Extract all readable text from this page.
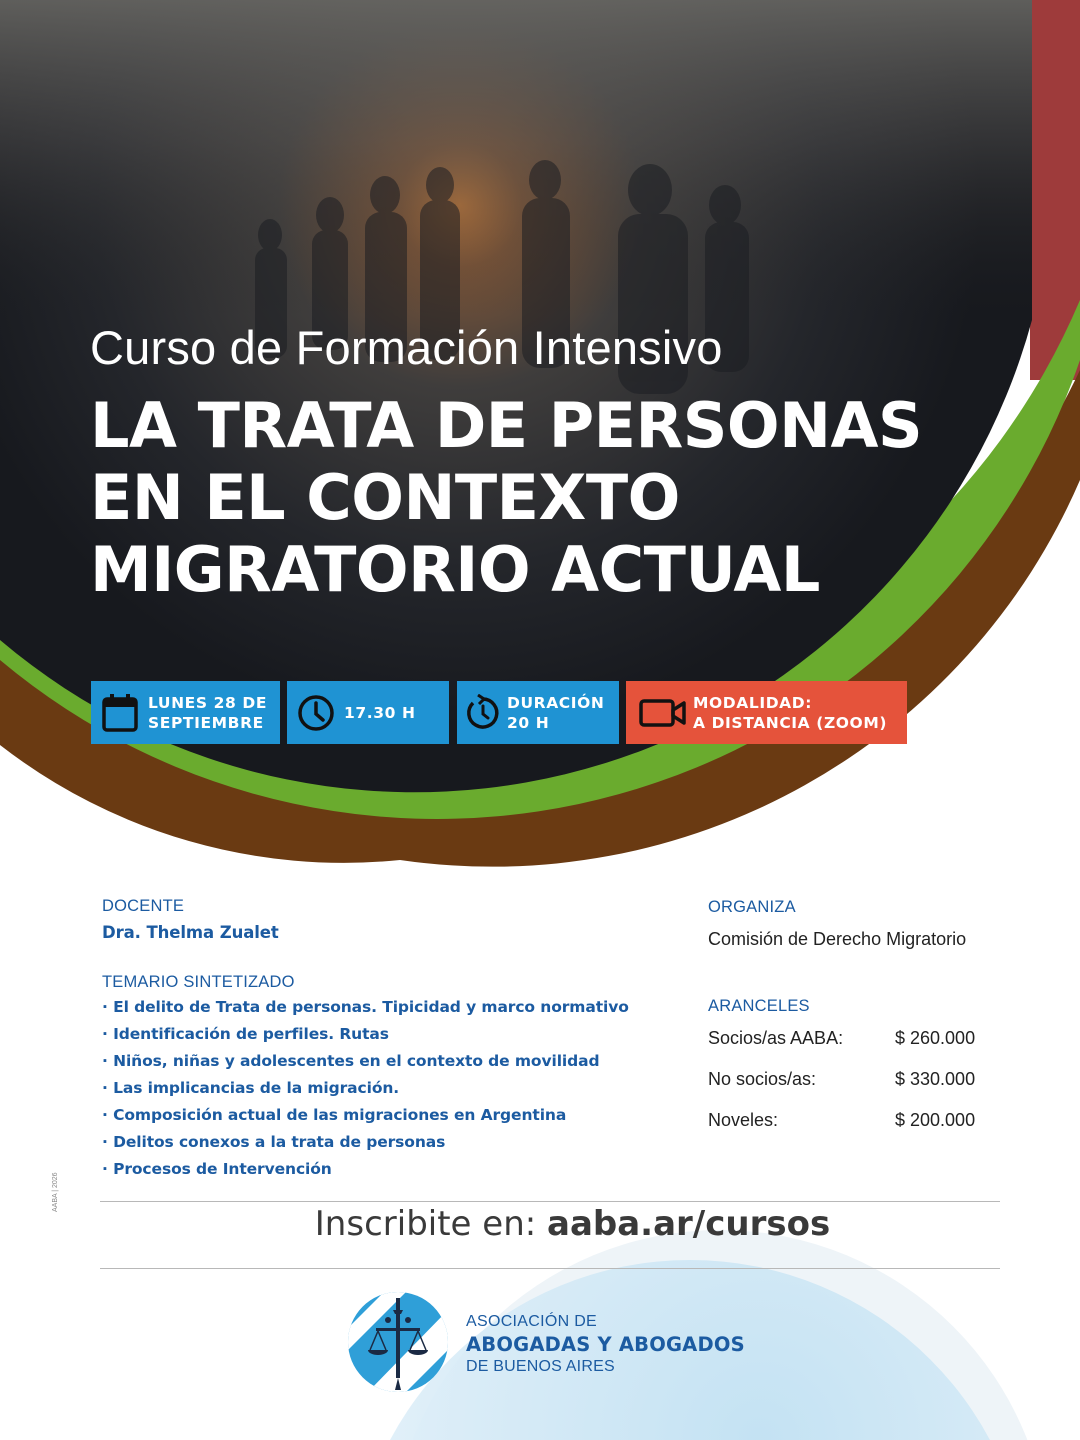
Curso de Formación Intensivo
LA TRATA DE PERSONAS
EN EL CONTEXTO
MIGRATORIO ACTUAL
LUNES 28 DE
SEPTIEMBRE
17.30 H
DURACIÓN
20 H
MODALIDAD:
A DISTANCIA (ZOOM)
DOCENTE
Dra. Thelma Zualet
TEMARIO SINTETIZADO
· El delito de Trata de personas. Tipicidad y marco normativo
· Identificación de perfiles. Rutas
· Niños, niñas y adolescentes en el contexto de movilidad
· Las implicancias de la migración.
· Composición actual de las migraciones en Argentina
· Delitos conexos a la trata de personas
· Procesos de Intervención
ORGANIZA
Comisión de Derecho Migratorio
ARANCELES
Socios/as AABA:	$ 260.000
No socios/as:	$ 330.000
Noveles:	$ 200.000
Inscribite en: aaba.ar/cursos
AABA | 2026
ASOCIACIÓN DE
ABOGADAS Y ABOGADOS
DE BUENOS AIRES
